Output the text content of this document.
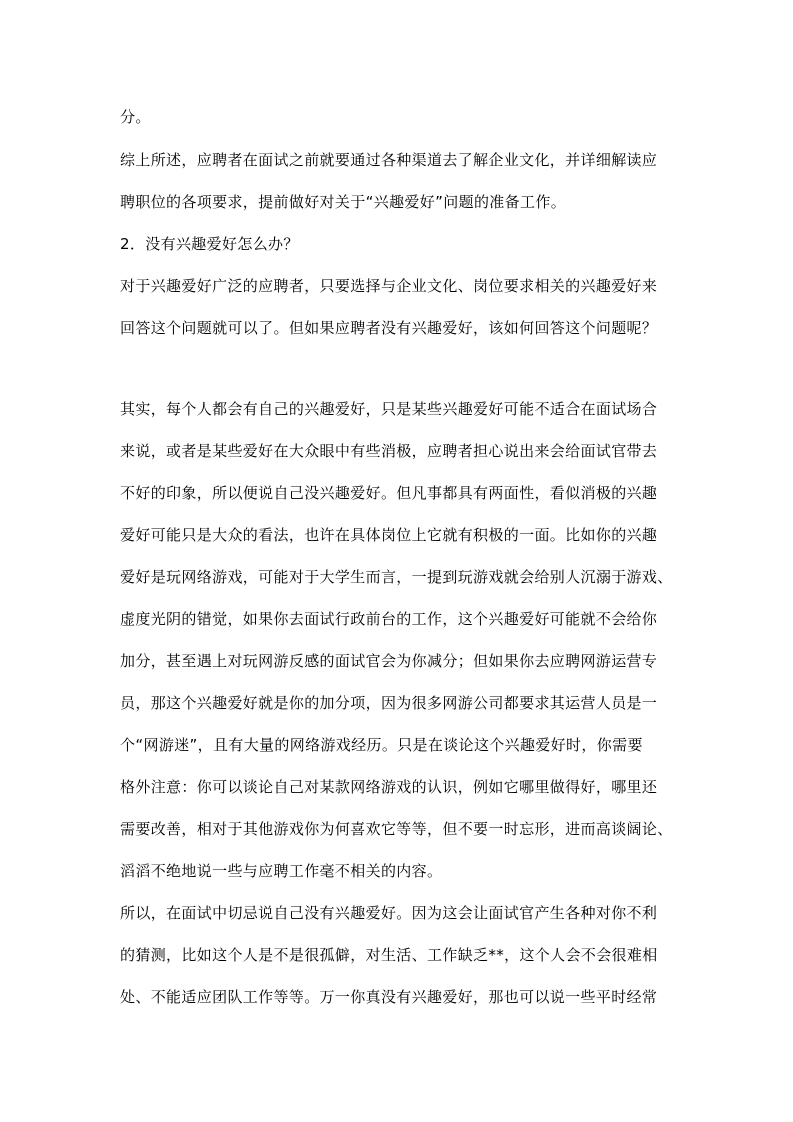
分。
综上所述，应聘者在面试之前就要通过各种渠道去了解企业文化，并详细解读应
聘职位的各项要求，提前做好对关于“兴趣爱好”问题的准备工作。
2．没有兴趣爱好怎么办？
对于兴趣爱好广泛的应聘者，只要选择与企业文化、岗位要求相关的兴趣爱好来
回答这个问题就可以了。但如果应聘者没有兴趣爱好，该如何回答这个问题呢？
其实，每个人都会有自己的兴趣爱好，只是某些兴趣爱好可能不适合在面试场合
来说，或者是某些爱好在大众眼中有些消极，应聘者担心说出来会给面试官带去
不好的印象，所以便说自己没兴趣爱好。但凡事都具有两面性，看似消极的兴趣
爱好可能只是大众的看法，也许在具体岗位上它就有积极的一面。比如你的兴趣
爱好是玩网络游戏，可能对于大学生而言，一提到玩游戏就会给别人沉溺于游戏、
虚度光阴的错觉，如果你去面试行政前台的工作，这个兴趣爱好可能就不会给你
加分，甚至遇上对玩网游反感的面试官会为你减分；但如果你去应聘网游运营专
员，那这个兴趣爱好就是你的加分项，因为很多网游公司都要求其运营人员是一
个“网游迷”，且有大量的网络游戏经历。只是在谈论这个兴趣爱好时，你需要
格外注意：你可以谈论自己对某款网络游戏的认识，例如它哪里做得好，哪里还
需要改善，相对于其他游戏你为何喜欢它等等，但不要一时忘形，进而高谈阔论、
滔滔不绝地说一些与应聘工作毫不相关的内容。
所以，在面试中切忌说自己没有兴趣爱好。因为这会让面试官产生各种对你不利
的猜测，比如这个人是不是很孤僻，对生活、工作缺乏**，这个人会不会很难相
处、不能适应团队工作等等。万一你真没有兴趣爱好，那也可以说一些平时经常
